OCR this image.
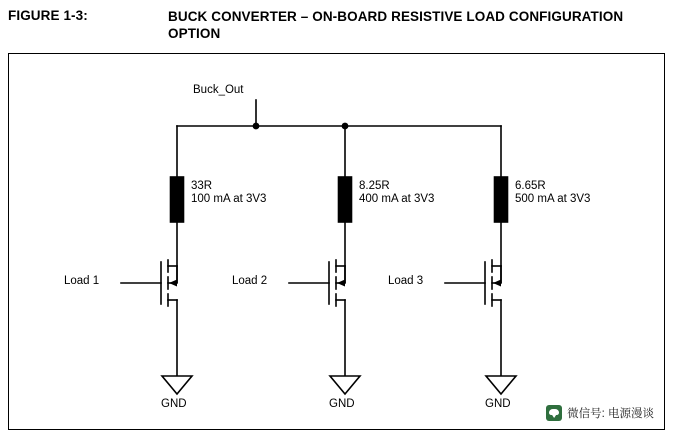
FIGURE 1-3:	BUCK CONVERTER – ON-BOARD RESISTIVE LOAD CONFIGURATION OPTION
Buck_Out
33R
100 mA at 3V3
8.25R
400 mA at 3V3
6.65R
500 mA at 3V3
Load 1	Load 2	Load 3
GND	GND	GND
微信号: 电源漫谈
